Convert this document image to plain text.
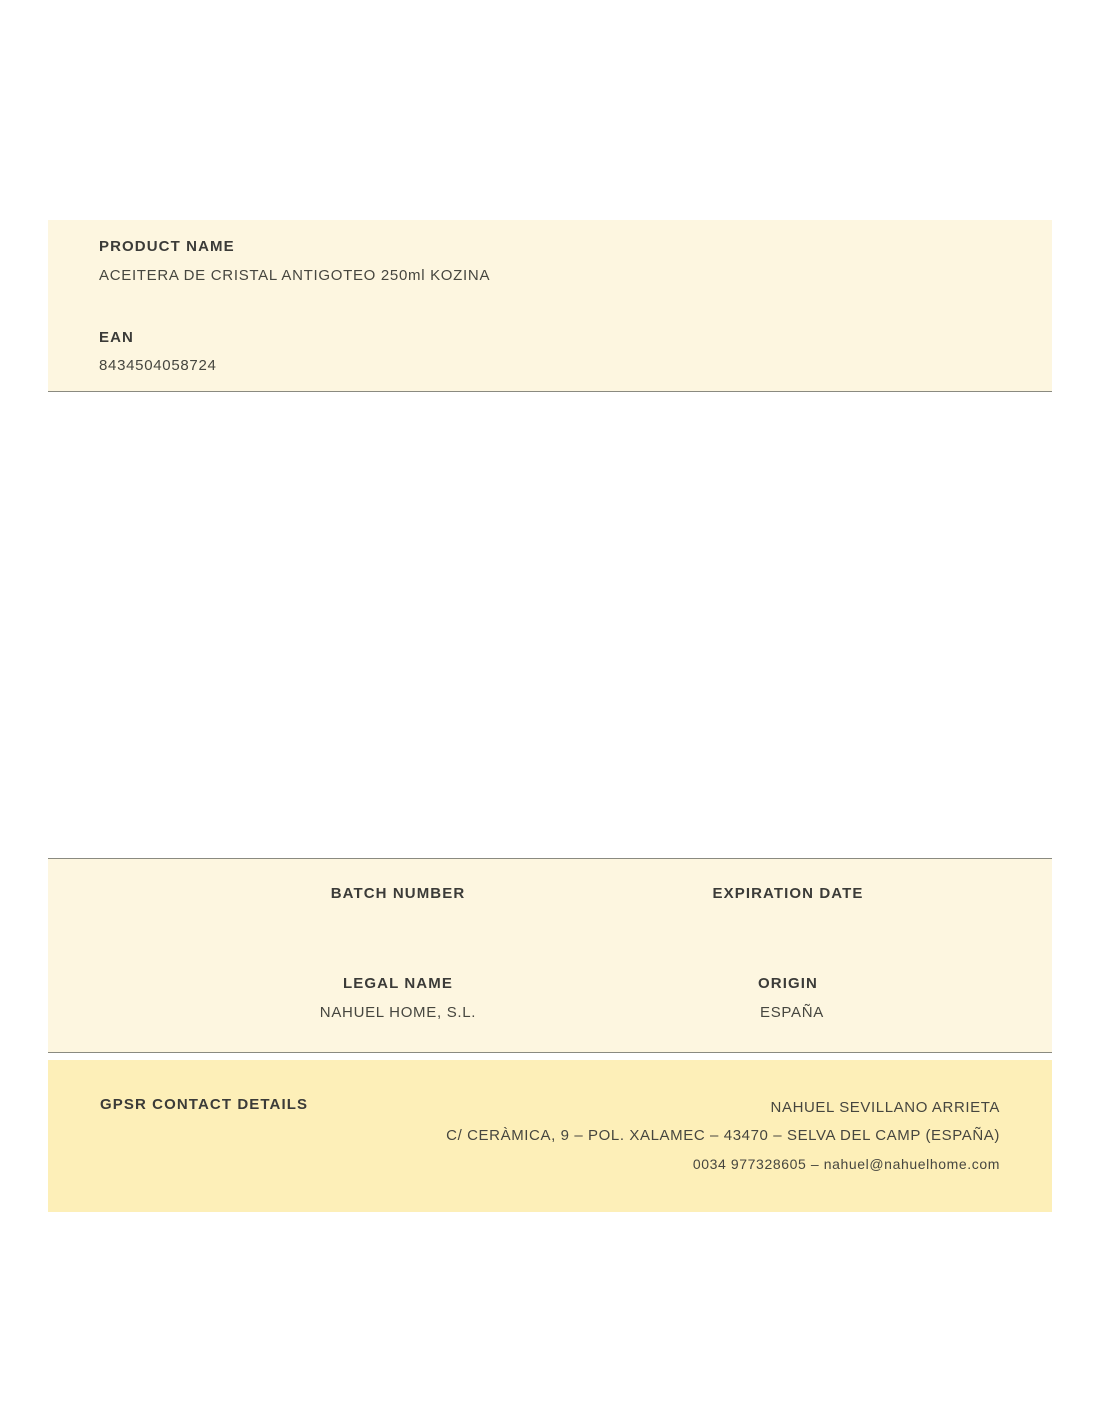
PRODUCT NAME
ACEITERA DE CRISTAL ANTIGOTEO 250ml KOZINA
EAN
8434504058724
BATCH NUMBER	EXPIRATION DATE
LEGAL NAME
NAHUEL HOME, S.L.
ORIGIN
ESPAÑA
GPSR CONTACT DETAILS	NAHUEL SEVILLANO ARRIETA
C/ CERÀMICA, 9 – POL. XALAMEC – 43470 – SELVA DEL CAMP (ESPAÑA)
0034 977328605 – nahuel@nahuelhome.com
